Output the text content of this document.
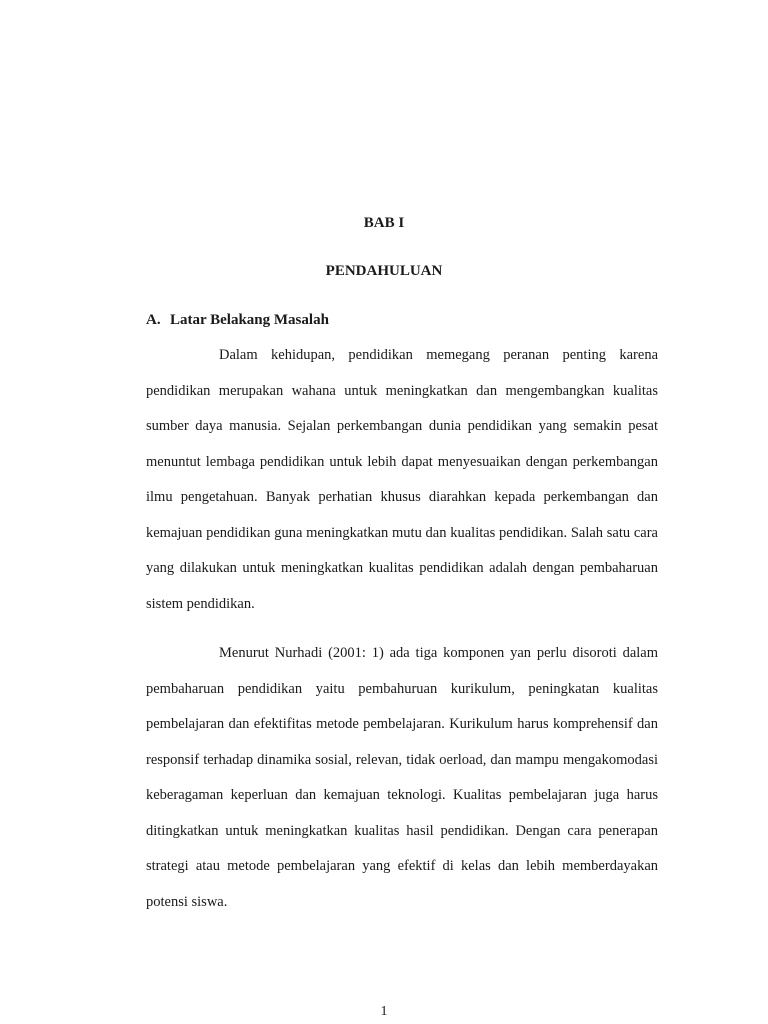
BAB I
PENDAHULUAN
A. Latar Belakang Masalah

Dalam kehidupan, pendidikan memegang peranan penting karena pendidikan merupakan wahana untuk meningkatkan dan mengembangkan kualitas sumber daya manusia. Sejalan perkembangan dunia pendidikan yang semakin pesat menuntut lembaga pendidikan untuk lebih dapat menyesuaikan dengan perkembangan ilmu pengetahuan. Banyak perhatian khusus diarahkan kepada perkembangan dan kemajuan pendidikan guna meningkatkan mutu dan kualitas pendidikan. Salah satu cara yang dilakukan untuk meningkatkan kualitas pendidikan adalah dengan pembaharuan sistem pendidikan.

Menurut Nurhadi (2001: 1) ada tiga komponen yan perlu disoroti dalam pembaharuan pendidikan yaitu pembahuruan kurikulum, peningkatan kualitas pembelajaran dan efektifitas metode pembelajaran. Kurikulum harus komprehensif dan responsif terhadap dinamika sosial, relevan, tidak oerload, dan mampu mengakomodasi keberagaman keperluan dan kemajuan teknologi. Kualitas pembelajaran juga harus ditingkatkan untuk meningkatkan kualitas hasil pendidikan. Dengan cara penerapan strategi atau metode pembelajaran yang efektif di kelas dan lebih memberdayakan potensi siswa.

1
